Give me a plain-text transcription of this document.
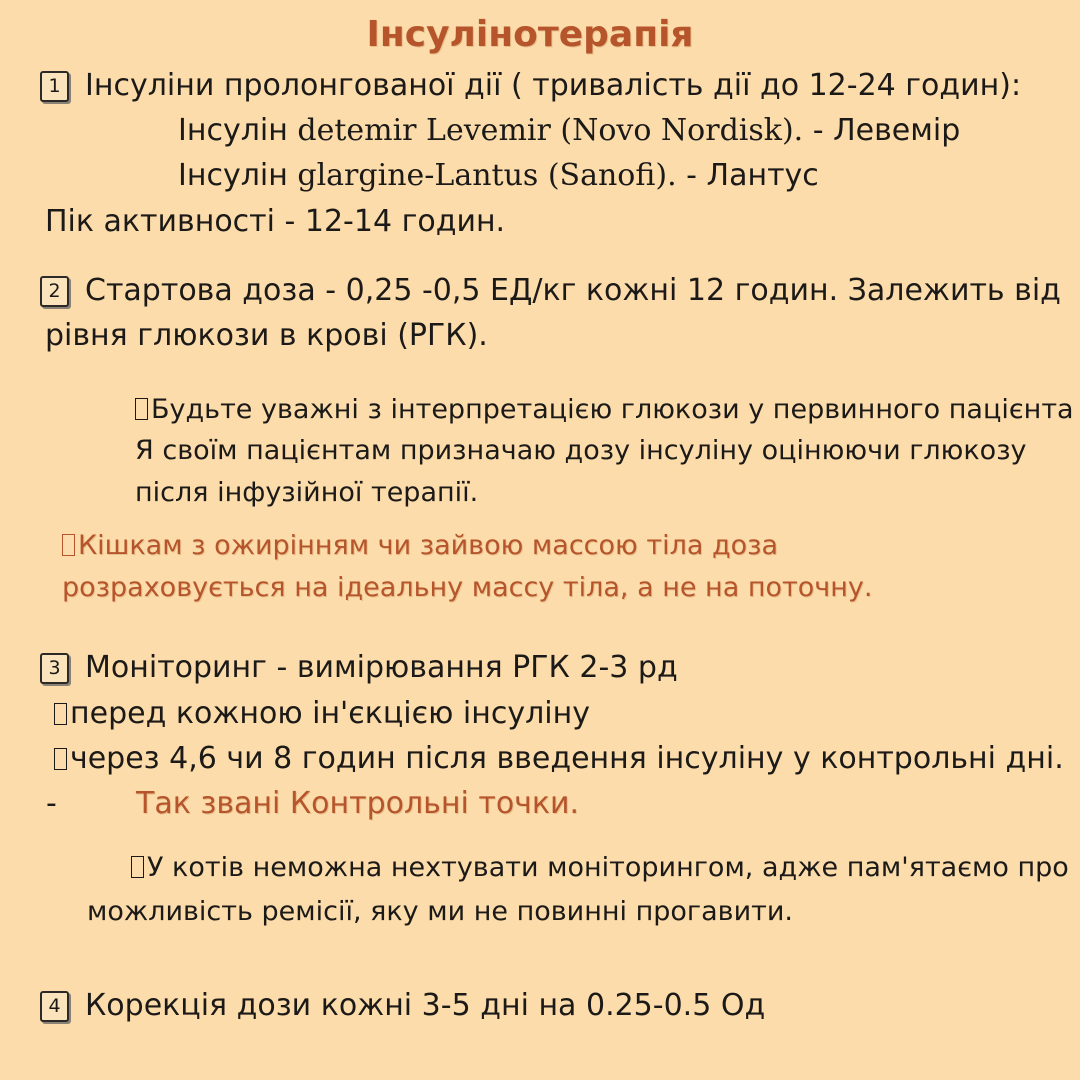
Інсулінотерапія
1 Інсуліни пролонгованої дії ( тривалість дії до 12-24 годин):
Інсулін detemir Levemir (Novo Nordisk). - Левемір
Інсулін glargine-Lantus (Sanofi). - Лантус
Пік активності - 12-14 годин.
2 Стартова доза - 0,25 -0,5 ЕД/кг кожні 12 годин. Залежить від
рівня глюкози в крові (РГК).
Будьте уважні з інтерпретацією глюкози у первинного пацієнта
Я своїм пацієнтам призначаю дозу інсуліну оцінюючи глюкозу
після інфузійної терапії.
Кішкам з ожирінням чи зайвою массою тіла доза
розраховується на ідеальну массу тіла, а не на поточну.
3 Моніторинг - вимірювання РГК 2-3 рд
перед кожною ін'єкцією інсуліну
через 4,6 чи 8 годин після введення інсуліну у контрольні дні.
-	Так звані Контрольні точки.
У котів неможна нехтувати моніторингом, адже пам'ятаємо про
можливість ремісії, яку ми не повинні прогавити.
4 Корекція дози кожні 3-5 дні на 0.25-0.5 Од
